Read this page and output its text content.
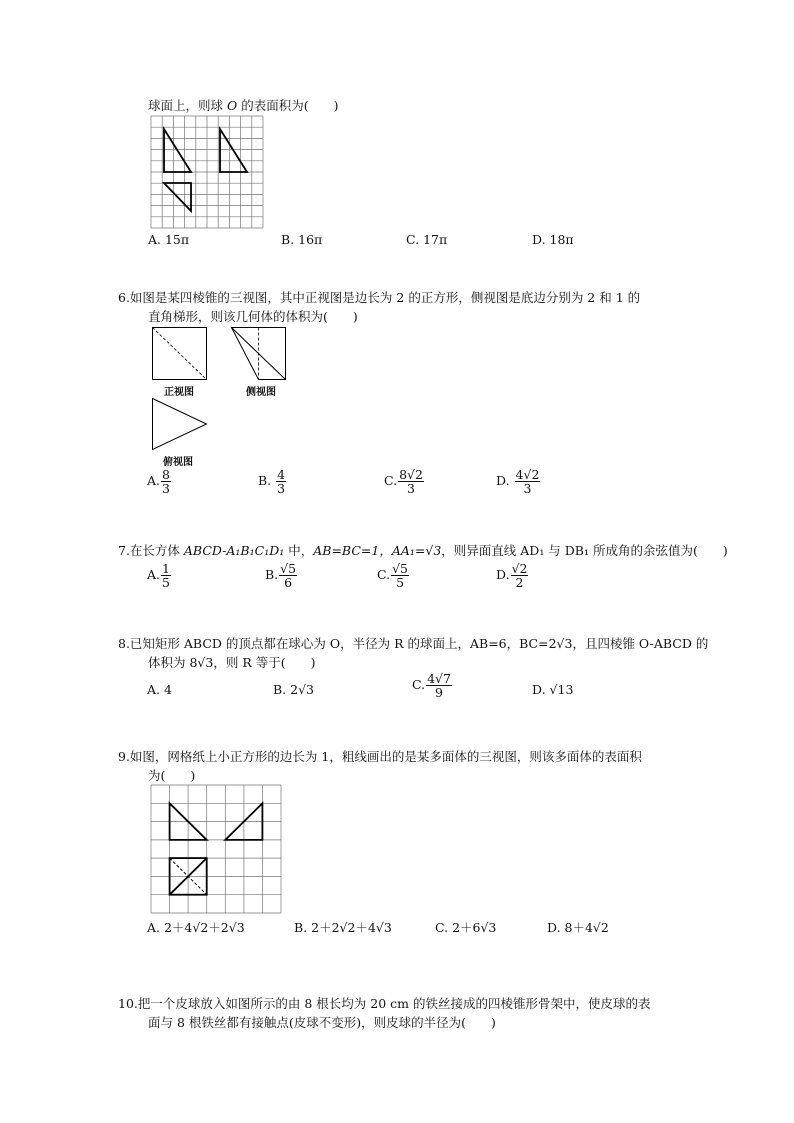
球面上，则球 O 的表面积为(　　)
A. 15π	B. 16π	C. 17π	D. 18π
6.如图是某四棱锥的三视图，其中正视图是边长为 2 的正方形，侧视图是底边分别为 2 和 1 的
直角梯形，则该几何体的体积为(　　)
正视图	侧视图
俯视图
A. $\frac{8}{3}$	B. $\frac{4}{3}$	C. $\frac{8√2}{3}$	D. $\frac{4√2}{3}$
7.在长方体 ABCD-A₁B₁C₁D₁ 中，AB=BC=1，AA₁=√3，则异面直线 AD₁ 与 DB₁ 所成角的余弦值为(　　)
A. $\frac{1}{5}$	B. $\frac{√5}{6}$	C. $\frac{√5}{5}$	D. $\frac{√2}{2}$
8.已知矩形 ABCD 的顶点都在球心为 O，半径为 R 的球面上，AB=6，BC=2√3，且四棱锥 O-ABCD 的
体积为 8√3，则 R 等于(　　)
A. 4	B. 2√3	C. $\frac{4√7}{9}$	D. √13
9.如图，网格纸上小正方形的边长为 1，粗线画出的是某多面体的三视图，则该多面体的表面积
为(　　)
A. 2＋4√2＋2√3	B. 2＋2√2＋4√3	C. 2＋6√3	D. 8＋4√2
10.把一个皮球放入如图所示的由 8 根长均为 20 cm 的铁丝接成的四棱锥形骨架中，使皮球的表
面与 8 根铁丝都有接触点(皮球不变形)，则皮球的半径为(　　)
